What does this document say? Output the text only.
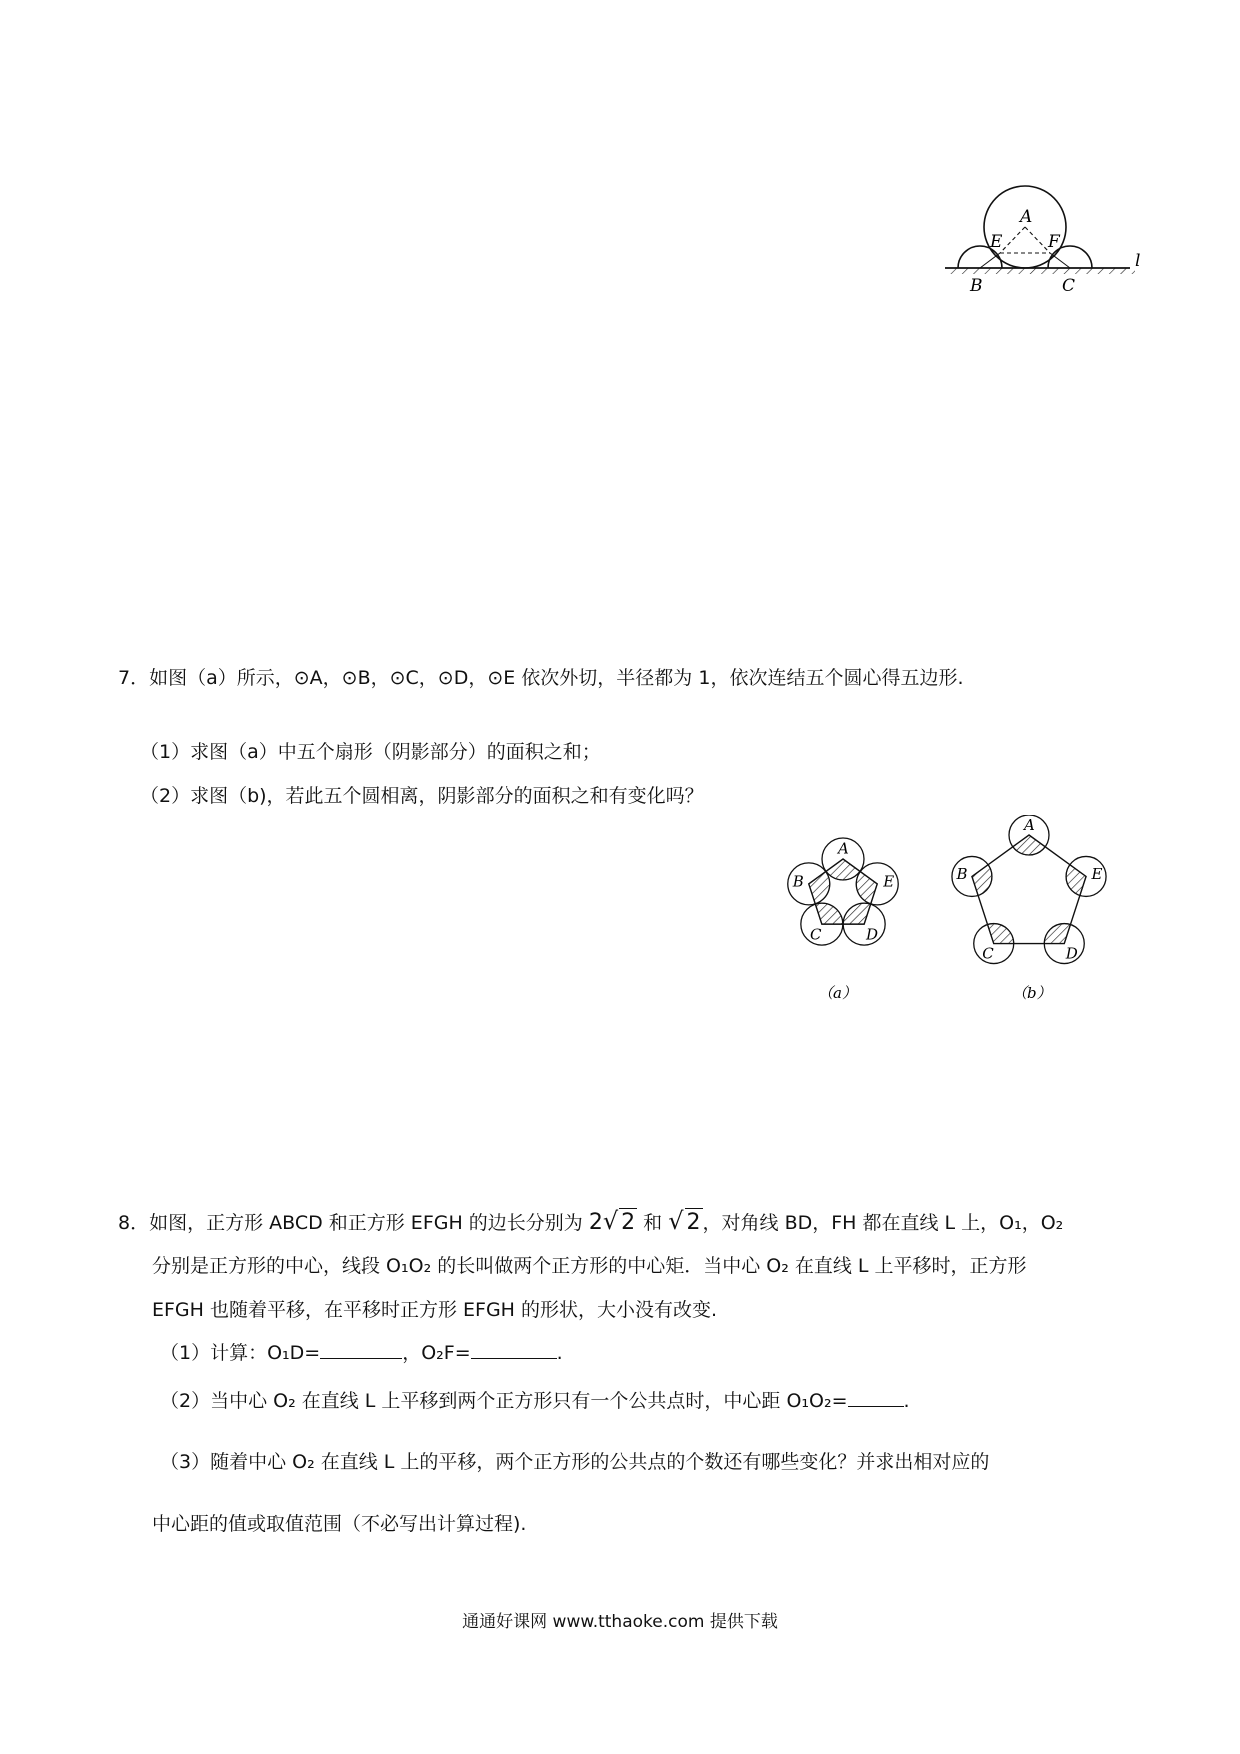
A
E	F
B	C
l
7．如图（a）所示，⊙A，⊙B，⊙C，⊙D，⊙E 依次外切，半径都为 1，依次连结五个圆心得五边形.
（1）求图（a）中五个扇形（阴影部分）的面积之和；
（2）求图（b)，若此五个圆相离，阴影部分的面积之和有变化吗？
A
B
C	D
E
A
B
C	D
E
（a）	（b）
8．如图，正方形 ABCD 和正方形 EFGH 的边长分别为 2√ 2 和 √ 2 ，对角线 BD，FH 都在直线 L 上，O₁，O₂
分别是正方形的中心，线段 O₁O₂ 的长叫做两个正方形的中心矩．当中心 O₂ 在直线 L 上平移时，正方形
EFGH 也随着平移，在平移时正方形 EFGH 的形状，大小没有改变.
（1）计算：O₁D=	，O₂F=	.
（2）当中心 O₂ 在直线 L 上平移到两个正方形只有一个公共点时，中心距 O₁O₂=	.
（3）随着中心 O₂ 在直线 L 上的平移，两个正方形的公共点的个数还有哪些变化？并求出相对应的
中心距的值或取值范围（不必写出计算过程).
通通好课网 www.tthaoke.com 提供下载
